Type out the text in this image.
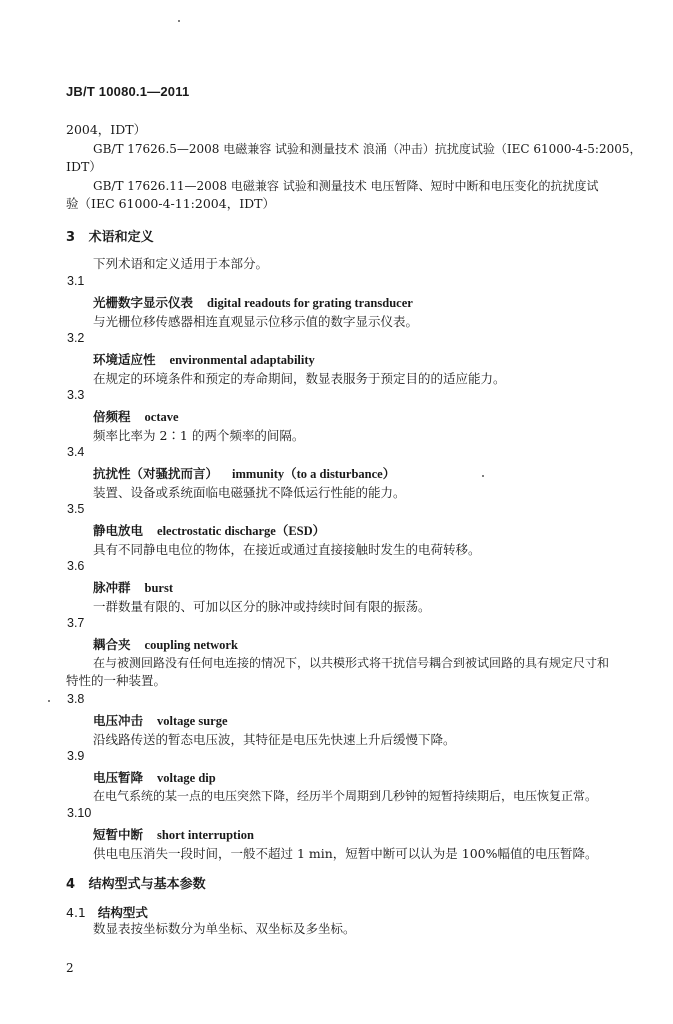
JB/T 10080.1—2011
2004，IDT）
GB/T 17626.5—2008 电磁兼容 试验和测量技术 浪涌（冲击）抗扰度试验（IEC 61000-4-5:2005，
IDT）
GB/T 17626.11—2008 电磁兼容 试验和测量技术 电压暂降、短时中断和电压变化的抗扰度试
验（IEC 61000-4-11:2004，IDT）
3 术语和定义
下列术语和定义适用于本部分。
3.1
光栅数字显示仪表 digital readouts for grating transducer
与光栅位移传感器相连直观显示位移示值的数字显示仪表。
3.2
环境适应性 environmental adaptability
在规定的环境条件和预定的寿命期间，数显表服务于预定目的的适应能力。
3.3
倍频程 octave
频率比率为 2∶1 的两个频率的间隔。
3.4
抗扰性（对骚扰而言） immunity（to a disturbance）
装置、设备或系统面临电磁骚扰不降低运行性能的能力。
3.5
静电放电 electrostatic discharge（ESD）
具有不同静电电位的物体，在接近或通过直接接触时发生的电荷转移。
3.6
脉冲群 burst
一群数量有限的、可加以区分的脉冲或持续时间有限的振荡。
3.7
耦合夹 coupling network
在与被测回路没有任何电连接的情况下，以共模形式将干扰信号耦合到被试回路的具有规定尺寸和
特性的一种装置。
3.8
电压冲击 voltage surge
沿线路传送的暂态电压波，其特征是电压先快速上升后缓慢下降。
3.9
电压暂降 voltage dip
在电气系统的某一点的电压突然下降，经历半个周期到几秒钟的短暂持续期后，电压恢复正常。
3.10
短暂中断 short interruption
供电电压消失一段时间，一般不超过 1 min，短暂中断可以认为是 100%幅值的电压暂降。
4 结构型式与基本参数
4.1 结构型式
数显表按坐标数分为单坐标、双坐标及多坐标。
2
